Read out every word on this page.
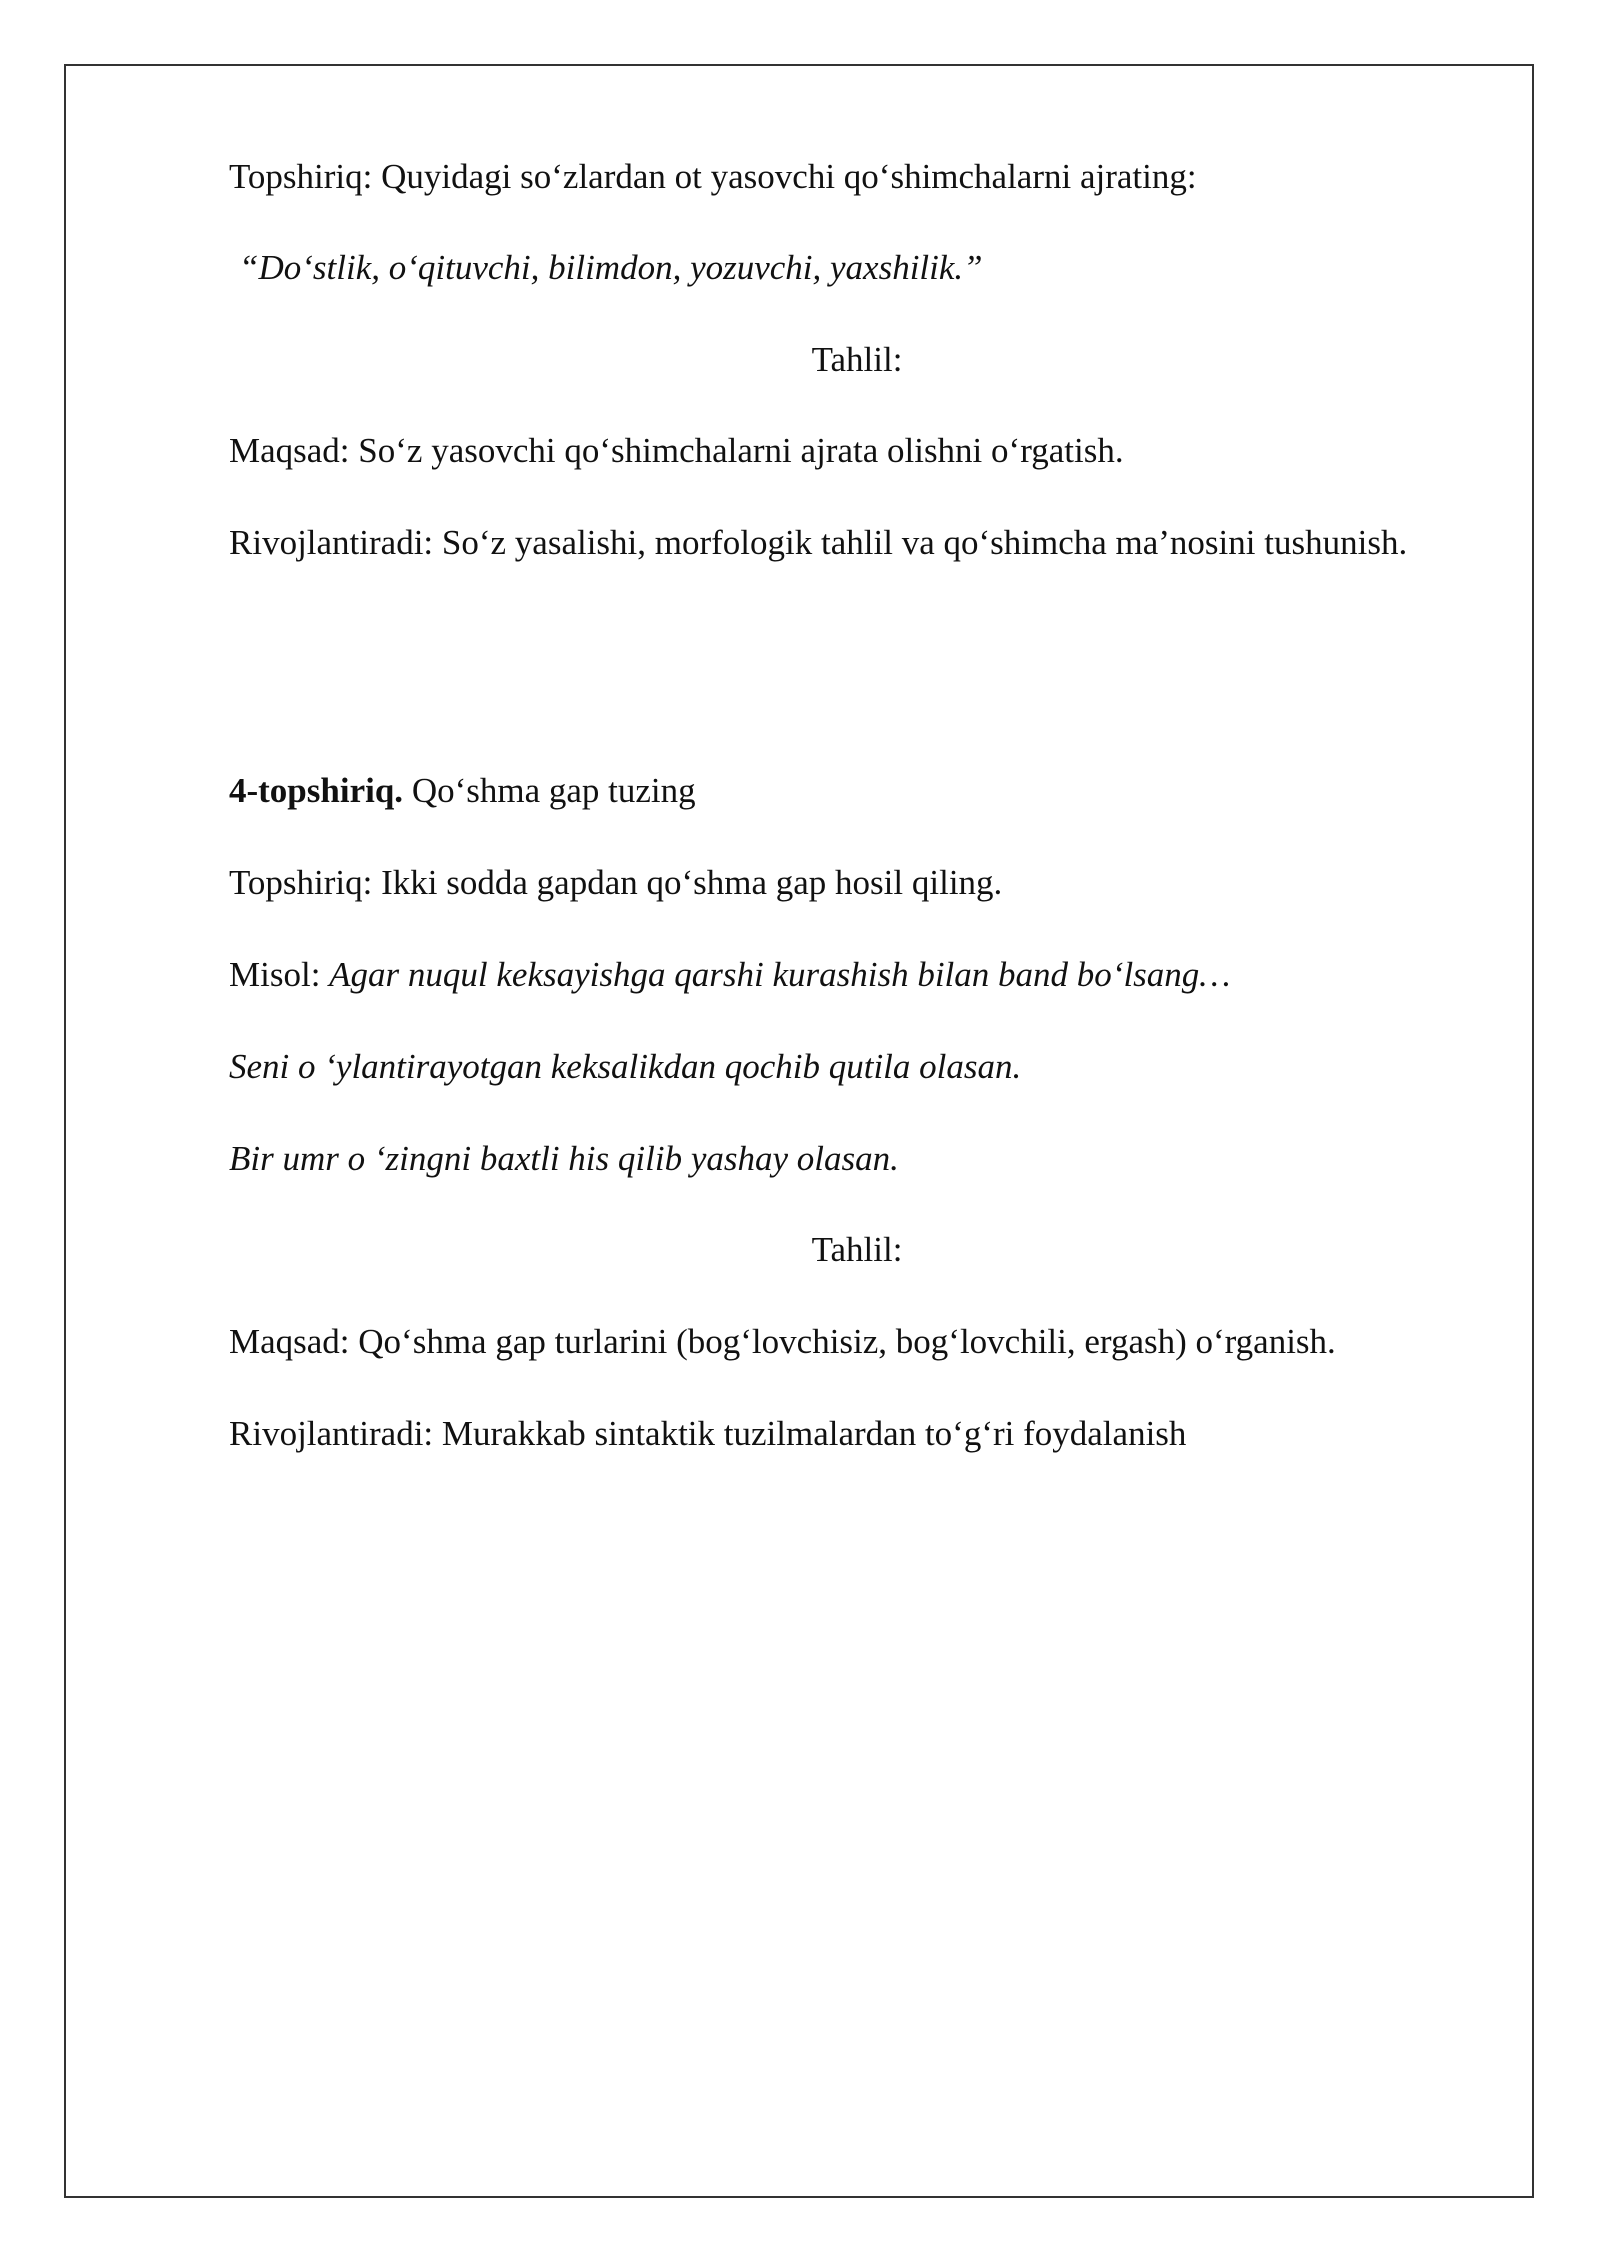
Topshiriq: Quyidagi so‘zlardan ot yasovchi qo‘shimchalarni ajrating:

“Do‘stlik, o‘qituvchi, bilimdon, yozuvchi, yaxshilik.”

Tahlil:

Maqsad: So‘z yasovchi qo‘shimchalarni ajrata olishni o‘rgatish.

Rivojlantiradi: So‘z yasalishi, morfologik tahlil va qo‘shimcha ma’nosini tushunish.

4-topshiriq. Qo‘shma gap tuzing

Topshiriq: Ikki sodda gapdan qo‘shma gap hosil qiling.

Misol: Agar nuqul keksayishga qarshi kurashish bilan band bo‘lsang…

Seni o ‘ylantirayotgan keksalikdan qochib qutila olasan.

Bir umr o ‘zingni baxtli his qilib yashay olasan.

Tahlil:

Maqsad: Qo‘shma gap turlarini (bog‘lovchisiz, bog‘lovchili, ergash) o‘rganish.

Rivojlantiradi: Murakkab sintaktik tuzilmalardan to‘g‘ri foydalanish
